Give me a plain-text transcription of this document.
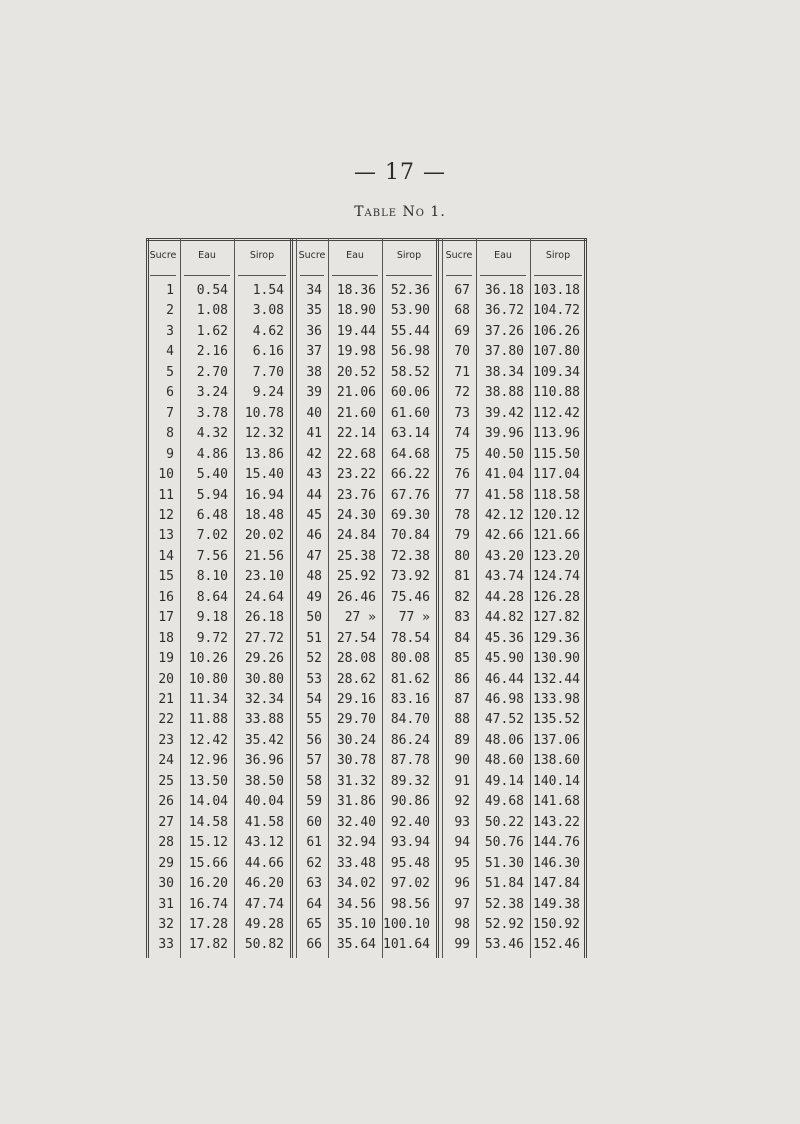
— 17 —
Table No 1.
Sucre	Eau	Sirop	Sucre	Eau	Sirop	Sucre	Eau	Sirop
1	0.54	1.54	34	18.36	52.36	67	36.18 103.18
2	1.08	3.08	35	18.90	53.90	68	36.72 104.72
3	1.62	4.62	36	19.44	55.44	69	37.26 106.26
4	2.16	6.16	37	19.98	56.98	70	37.80 107.80
5	2.70	7.70	38	20.52	58.52	71	38.34 109.34
6	3.24	9.24	39	21.06	60.06	72	38.88 110.88
7	3.78	10.78	40	21.60	61.60	73	39.42 112.42
8	4.32	12.32	41	22.14	63.14	74	39.96 113.96
9	4.86	13.86	42	22.68	64.68	75	40.50 115.50
10	5.40	15.40	43	23.22	66.22	76	41.04 117.04
11	5.94	16.94	44	23.76	67.76	77	41.58 118.58
12	6.48	18.48	45	24.30	69.30	78	42.12 120.12
13	7.02	20.02	46	24.84	70.84	79	42.66 121.66
14	7.56	21.56	47	25.38	72.38	80	43.20 123.20
15	8.10	23.10	48	25.92	73.92	81	43.74 124.74
16	8.64	24.64	49	26.46	75.46	82	44.28 126.28
17	9.18	26.18	50	27 »	77 »	83	44.82 127.82
18	9.72	27.72	51	27.54	78.54	84	45.36 129.36
19	10.26	29.26	52	28.08	80.08	85	45.90 130.90
20	10.80	30.80	53	28.62	81.62	86	46.44 132.44
21	11.34	32.34	54	29.16	83.16	87	46.98 133.98
22	11.88	33.88	55	29.70	84.70	88	47.52 135.52
23	12.42	35.42	56	30.24	86.24	89	48.06 137.06
24	12.96	36.96	57	30.78	87.78	90	48.60 138.60
25	13.50	38.50	58	31.32	89.32	91	49.14 140.14
26	14.04	40.04	59	31.86	90.86	92	49.68 141.68
27	14.58	41.58	60	32.40	92.40	93	50.22 143.22
28	15.12	43.12	61	32.94	93.94	94	50.76 144.76
29	15.66	44.66	62	33.48	95.48	95	51.30 146.30
30	16.20	46.20	63	34.02	97.02	96	51.84 147.84
31	16.74	47.74	64	34.56	98.56	97	52.38 149.38
32	17.28	49.28	65	35.10 100.10	98	52.92 150.92
33	17.82	50.82	66	35.64 101.64	99	53.46 152.46
